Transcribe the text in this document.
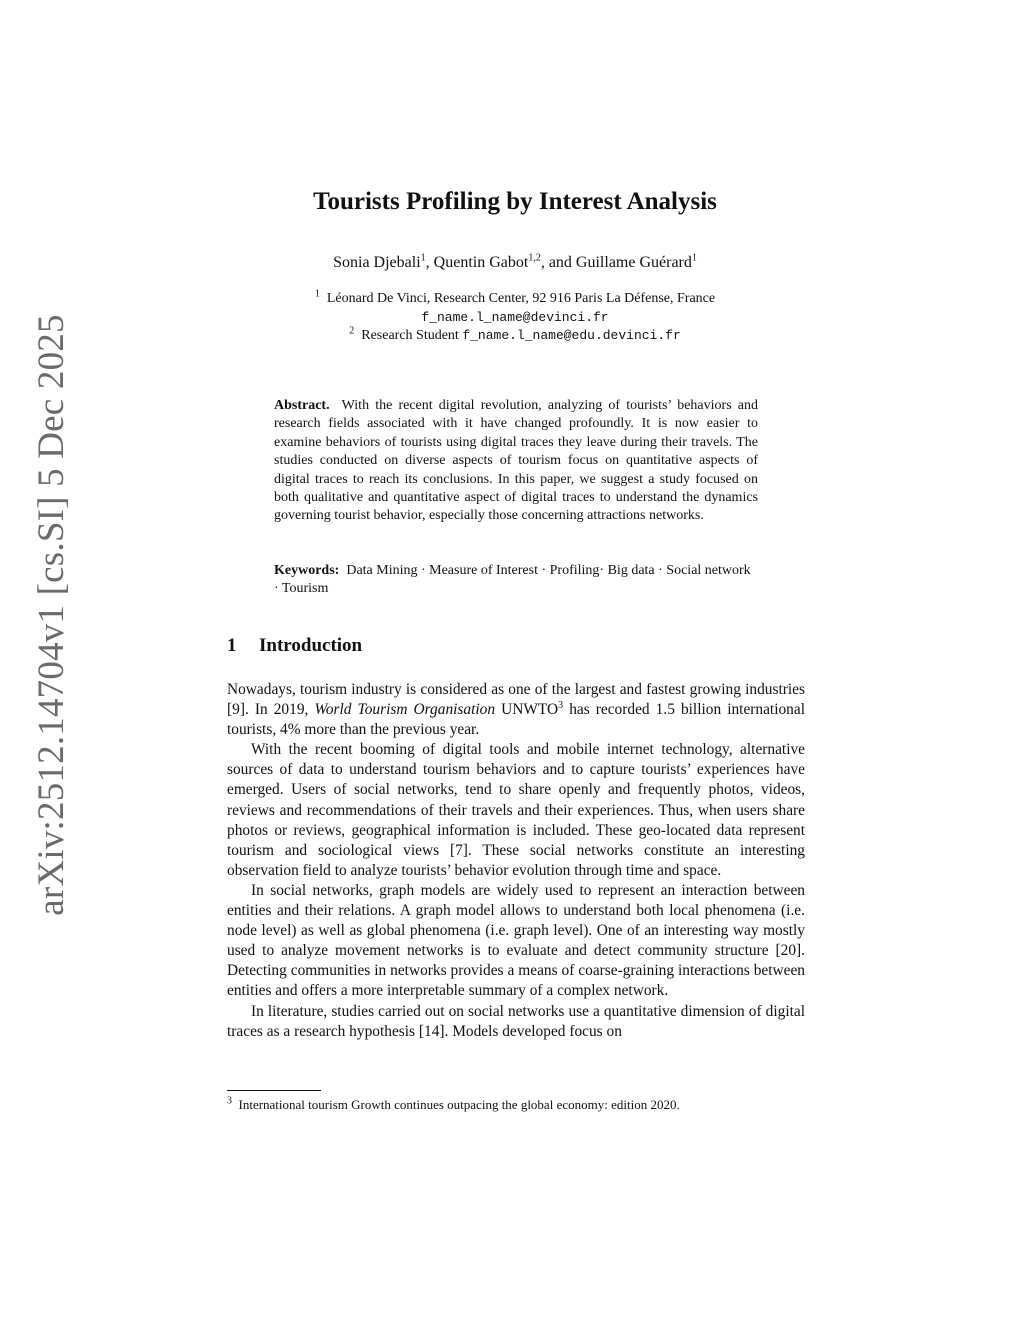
arXiv:2512.14704v1 [cs.SI] 5 Dec 2025
Tourists Profiling by Interest Analysis
Sonia Djebali$^1$, Quentin Gabot$^{1,2}$, and Guillame Guérard$^1$
$^1$ Léonard De Vinci, Research Center, 92 916 Paris La Défense, France
f_name.l_name@devinci.fr
$^2$ Research Student f_name.l_name@edu.devinci.fr
Abstract. With the recent digital revolution, analyzing of tourists’ behaviors and research fields associated with it have changed profoundly. It is now easier to examine behaviors of tourists using digital traces they leave during their travels. The studies conducted on diverse aspects of tourism focus on quantitative aspects of digital traces to reach its conclusions. In this paper, we suggest a study focused on both qualitative and quantitative aspect of digital traces to understand the dynamics governing tourist behavior, especially those concerning attractions networks.
Keywords: Data Mining · Measure of Interest · Profiling· Big data · Social network · Tourism
1 Introduction

Nowadays, tourism industry is considered as one of the largest and fastest growing industries [9]. In 2019, World Tourism Organisation UNWTO$^3$ has recorded 1.5 billion international tourists, 4% more than the previous year.

With the recent booming of digital tools and mobile internet technology, alternative sources of data to understand tourism behaviors and to capture tourists’ experiences have emerged. Users of social networks, tend to share openly and frequently photos, videos, reviews and recommendations of their travels and their experiences. Thus, when users share photos or reviews, geographical information is included. These geo-located data represent tourism and sociological views [7]. These social networks constitute an interesting observation field to analyze tourists’ behavior evolution through time and space.

In social networks, graph models are widely used to represent an interaction between entities and their relations. A graph model allows to understand both local phenomena (i.e. node level) as well as global phenomena (i.e. graph level). One of an interesting way mostly used to analyze movement networks is to evaluate and detect community structure [20]. Detecting communities in networks provides a means of coarse-graining interactions between entities and offers a more interpretable summary of a complex network.

In literature, studies carried out on social networks use a quantitative dimension of digital traces as a research hypothesis [14]. Models developed focus on

$^3$ International tourism Growth continues outpacing the global economy: edition 2020.
